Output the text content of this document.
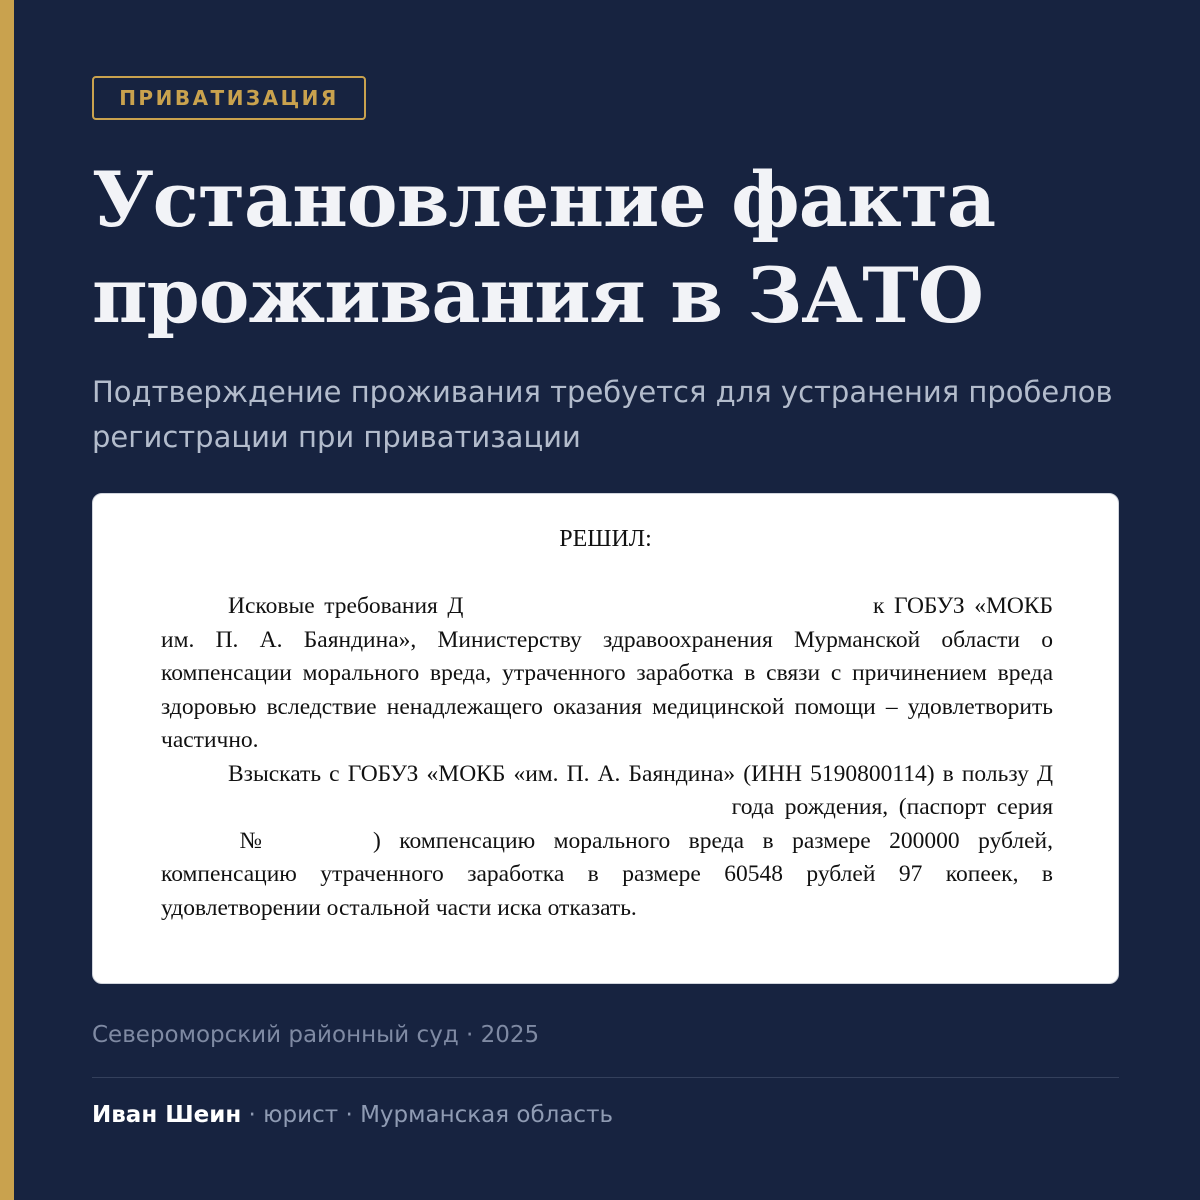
ПРИВАТИЗАЦИЯ
Установление факта
проживания в ЗАТО

Подтверждение проживания требуется для устранения пробелов регистрации при приватизации

РЕШИЛ:

Исковые требования Д	к ГОБУЗ «МОКБ им. П. А. Баяндина», Министерству здравоохранения Мурманской области о компенсации морального вреда, утраченного заработка в связи с причинением вреда здоровью вследствие ненадлежащего оказания медицинской помощи – удовлетворить частично.

Взыскать с ГОБУЗ «МОКБ «им. П. А. Баяндина» (ИНН 5190800114) в пользу Д года рождения, (паспорт серия №	) компенсацию морального вреда в размере 200000 рублей, компенсацию утраченного заработка в размере 60548 рублей 97 копеек, в удовлетворении остальной части иска отказать.

Североморский районный суд · 2025

Иван Шеин · юрист · Мурманская область
